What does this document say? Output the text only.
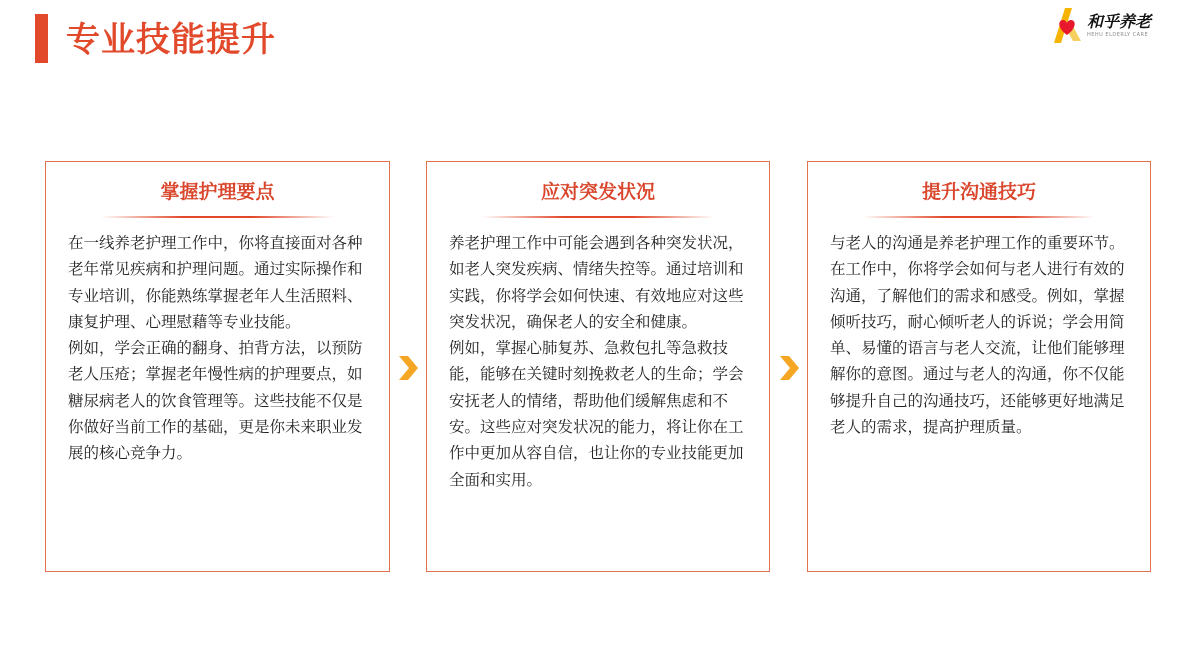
专业技能提升	和乎养老
HEHU ELDERLY CARE
掌握护理要点

在一线养老护理工作中，你将直接面对各种老年常见疾病和护理问题。通过实际操作和专业培训，你能熟练掌握老年人生活照料、康复护理、心理慰藉等专业技能。

例如，学会正确的翻身、拍背方法，以预防老人压疮；掌握老年慢性病的护理要点，如糖尿病老人的饮食管理等。这些技能不仅是你做好当前工作的基础，更是你未来职业发展的核心竞争力。

应对突发状况

养老护理工作中可能会遇到各种突发状况，如老人突发疾病、情绪失控等。通过培训和实践，你将学会如何快速、有效地应对这些突发状况，确保老人的安全和健康。

例如，掌握心肺复苏、急救包扎等急救技能，能够在关键时刻挽救老人的生命；学会安抚老人的情绪，帮助他们缓解焦虑和不安。这些应对突发状况的能力，将让你在工作中更加从容自信，也让你的专业技能更加全面和实用。

提升沟通技巧

与老人的沟通是养老护理工作的重要环节。在工作中，你将学会如何与老人进行有效的沟通，了解他们的需求和感受。例如，掌握倾听技巧，耐心倾听老人的诉说；学会用简单、易懂的语言与老人交流，让他们能够理解你的意图。通过与老人的沟通，你不仅能够提升自己的沟通技巧，还能够更好地满足老人的需求，提高护理质量。
